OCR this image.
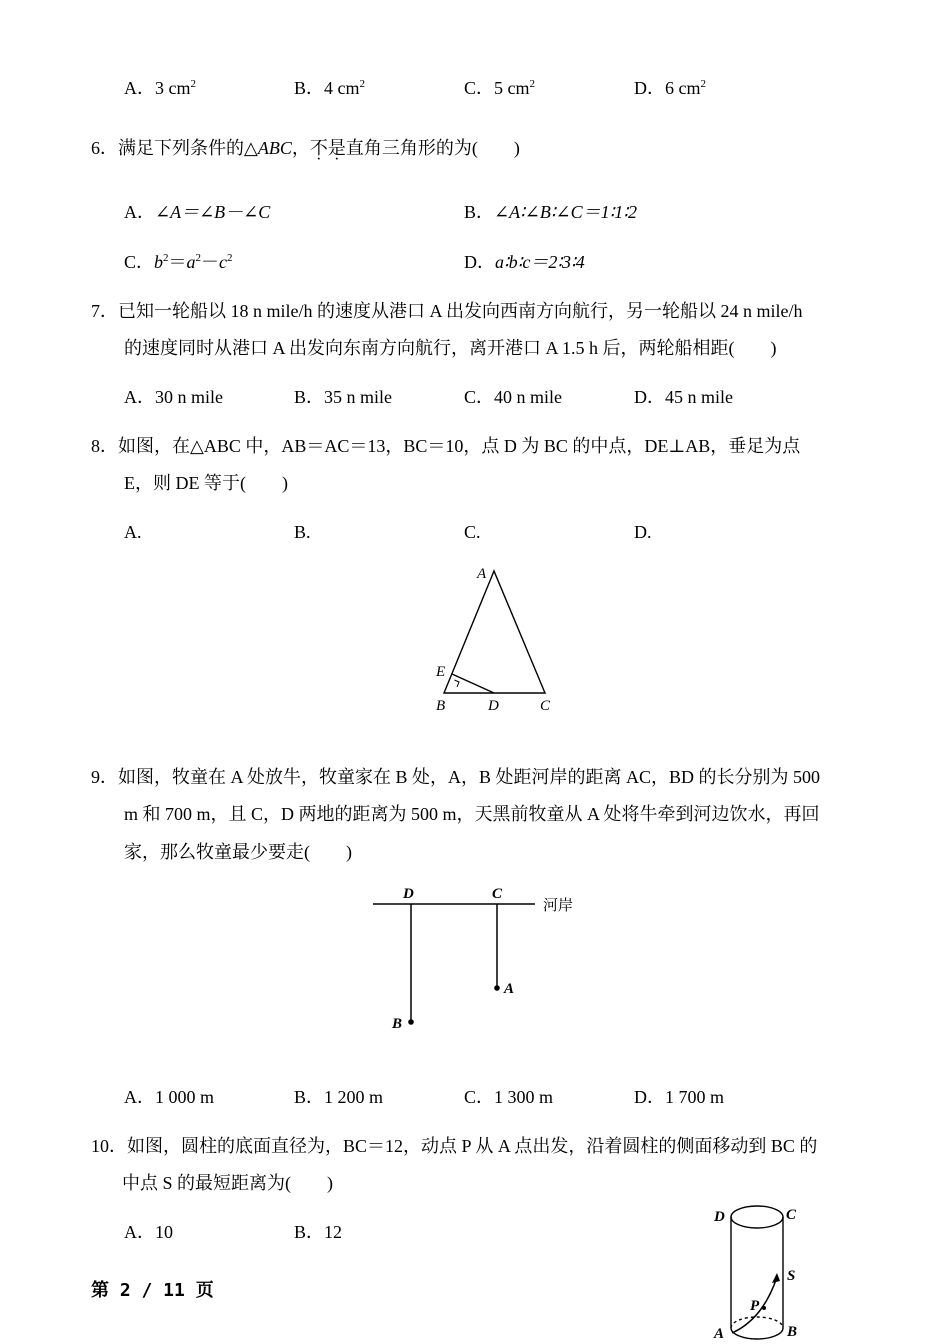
A．3 $cm^2$	B．4 $cm^2$	C．5 $cm^2$	D．6 $cm^2$
6．满足下列条件的△ABC，不是直角三角形的为(　　)
A．∠A＝∠B－∠C	B．∠A∶∠B∶∠C＝1∶1∶2
C．$b^2=a^2-c^2$	D．a∶b∶c＝2∶3∶4
7．已知一轮船以 18 n mile/h 的速度从港口 A 出发向西南方向航行，另一轮船以 24 n mile/h
的速度同时从港口 A 出发向东南方向航行，离开港口 A 1.5 h 后，两轮船相距(　　)
A．30 n mile	B．35 n mile	C．40 n mile	D．45 n mile
8．如图，在△ABC 中，AB＝AC＝13，BC＝10，点 D 为 BC 的中点，DE⊥AB，垂足为点
E，则 DE 等于(　　)
A.	B.	C.	D.
A
E
B	D	C
9．如图，牧童在 A 处放牛，牧童家在 B 处，A，B 处距河岸的距离 AC，BD 的长分别为 500
m 和 700 m，且 C，D 两地的距离为 500 m，天黑前牧童从 A 处将牛牵到河边饮水，再回
家，那么牧童最少要走(　　)
D	C
A
B
河岸
A．1 000 m	B．1 200 m	C．1 300 m	D．1 700 m
10．如图，圆柱的底面直径为，BC＝12，动点 P 从 A 点出发，沿着圆柱的侧面移动到 BC 的
中点 S 的最短距离为(　　)
A．10	B．12
D	C
S
P
A	B
第 2 / 11 页
